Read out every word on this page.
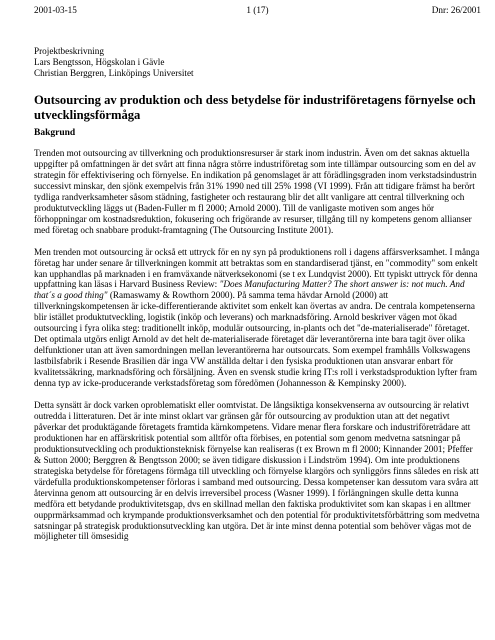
2001-03-15	1 (17)	Dnr: 26/2001
Projektbeskrivning
Lars Bengtsson, Högskolan i Gävle
Christian Berggren, Linköpings Universitet
Outsourcing av produktion och dess betydelse för industriföretagens förnyelse och utvecklingsförmåga
Bakgrund

Trenden mot outsourcing av tillverkning och produktionsresurser är stark inom industrin. Även om det saknas aktuella uppgifter på omfattningen är det svårt att finna några större industriföretag som inte tillämpar outsourcing som en del av strategin för effektivisering och förnyelse. En indikation på genomslaget är att förädlingsgraden inom verkstadsindustrin successivt minskar, den sjönk exempelvis från 31% 1990 ned till 25% 1998 (VI 1999). Från att tidigare främst ha berört tydliga randverksamheter såsom städning, fastigheter och restaurang blir det allt vanligare att central tillverkning och produktutveckling läggs ut (Baden-Fuller m fl 2000; Arnold 2000). Till de vanligaste motiven som anges hör förhoppningar om kostnadsreduktion, fokusering och frigörande av resurser, tillgång till ny kompetens genom allianser med företag och snabbare produkt-framtagning (The Outsourcing Institute 2001).

Men trenden mot outsourcing är också ett uttryck för en ny syn på produktionens roll i dagens affärsverksamhet. I många företag har under senare år tillverkningen kommit att betraktas som en standardiserad tjänst, en "commodity" som enkelt kan upphandlas på marknaden i en framväxande nätverksekonomi (se t ex Lundqvist 2000). Ett typiskt uttryck för denna uppfattning kan läsas i Harvard Business Review: "Does Manufacturing Matter? The short answer is: not much. And that´s a good thing" (Ramaswamy & Rowthorn 2000). På samma tema hävdar Arnold (2000) att tillverkningskompetensen är icke-differentierande aktivitet som enkelt kan övertas av andra. De centrala kompetenserna blir istället produktutveckling, logistik (inköp och leverans) och marknadsföring. Arnold beskriver vägen mot ökad outsourcing i fyra olika steg: traditionellt inköp, modulär outsourcing, in-plants och det "de-materialiserade" företaget. Det optimala utgörs enligt Arnold av det helt de-materialiserade företaget där leverantörerna inte bara tagit över olika delfunktioner utan att även samordningen mellan leverantörerna har outsourcats. Som exempel framhålls Volkswagens lastbilsfabrik i Resende Brasilien där inga VW anställda deltar i den fysiska produktionen utan ansvarar enbart för kvalitetssäkring, marknadsföring och försäljning. Även en svensk studie kring IT:s roll i verkstadsproduktion lyfter fram denna typ av icke-producerande verkstadsföretag som föredömen (Johannesson & Kempinsky 2000).

Detta synsätt är dock varken oproblematiskt eller oomtvistat. De långsiktiga konsekvenserna av outsourcing är relativt outredda i litteraturen. Det är inte minst oklart var gränsen går för outsourcing av produktion utan att det negativt påverkar det produktägande företagets framtida kärnkompetens. Vidare menar flera forskare och industriföreträdare att produktionen har en affärskritisk potential som alltför ofta förbises, en potential som genom medvetna satsningar på produktionsutveckling och produktionsteknisk förnyelse kan realiseras (t ex Brown m fl 2000; Kinnander 2001; Pfeffer & Sutton 2000; Berggren & Bengtsson 2000; se även tidigare diskussion i Lindström 1994). Om inte produktionens strategiska betydelse för företagens förmåga till utveckling och förnyelse klargörs och synliggörs finns således en risk att värdefulla produktionskompetenser förloras i samband med outsourcing. Dessa kompetenser kan dessutom vara svåra att återvinna genom att outsourcing är en delvis irreversibel process (Wasner 1999). I förlängningen skulle detta kunna medföra ett betydande produktivitetsgap, dvs en skillnad mellan den faktiska produktivitet som kan skapas i en alltmer oupprmärksammad och krympande produktionsverksamhet och den potential för produktivitetsförbättring som medvetna satsningar på strategisk produktionsutveckling kan utgöra. Det är inte minst denna potential som behöver vägas mot de möjligheter till ömsesidig
